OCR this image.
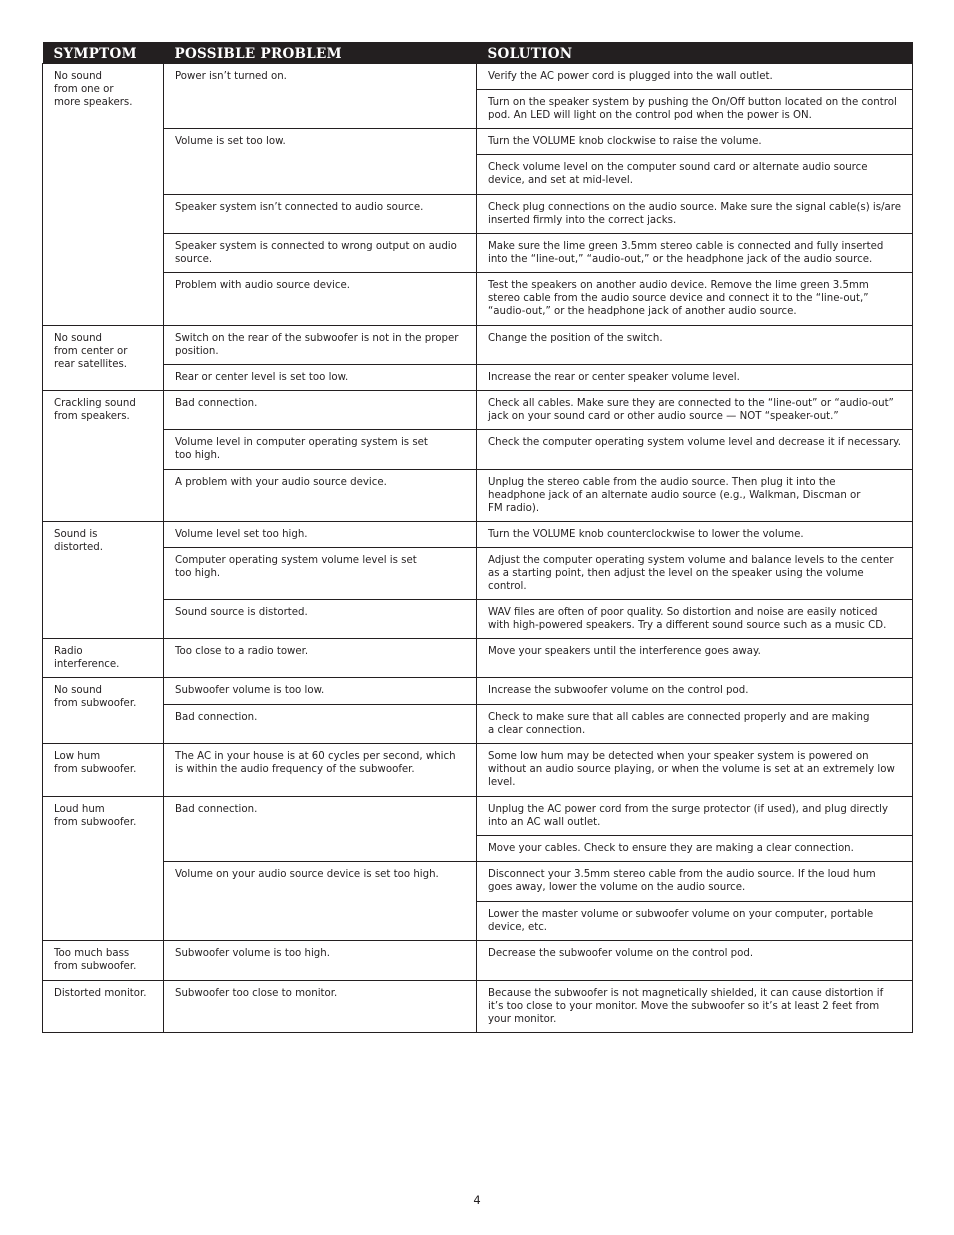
SYMPTOM	POSSIBLE PROBLEM	SOLUTION
No sound
from one or
more speakers.	Power isn’t turned on.	Verify the AC power cord is plugged into the wall outlet.
		Turn on the speaker system by pushing the On/Off button located on the control pod. An LED will light on the control pod when the power is ON.
	Volume is set too low.	Turn the VOLUME knob clockwise to raise the volume.
		Check volume level on the computer sound card or alternate audio source device, and set at mid-level.
	Speaker system isn’t connected to audio source.	Check plug connections on the audio source. Make sure the signal cable(s) is/are inserted firmly into the correct jacks.
	Speaker system is connected to wrong output on audio source.	Make sure the lime green 3.5mm stereo cable is connected and fully inserted into the “line-out,” “audio-out,” or the headphone jack of the audio source.
	Problem with audio source device.	Test the speakers on another audio device. Remove the lime green 3.5mm stereo cable from the audio source device and connect it to the “line-out,” “audio-out,” or the headphone jack of another audio source.
No sound
from center or
rear satellites.	Switch on the rear of the subwoofer is not in the proper position.	Change the position of the switch.
	Rear or center level is set too low.	Increase the rear or center speaker volume level.
Crackling sound
from speakers.	Bad connection.	Check all cables. Make sure they are connected to the “line-out” or “audio-out” jack on your sound card or other audio source — NOT “speaker-out.”
	Volume level in computer operating system is set
too high.	Check the computer operating system volume level and decrease it if necessary.
	A problem with your audio source device.	Unplug the stereo cable from the audio source. Then plug it into the
headphone jack of an alternate audio source (e.g., Walkman, Discman or
FM radio).
Sound is
distorted.	Volume level set too high.	Turn the VOLUME knob counterclockwise to lower the volume.
	Computer operating system volume level is set
too high.	Adjust the computer operating system volume and balance levels to the center as a starting point, then adjust the level on the speaker using the volume control.
	Sound source is distorted.	WAV files are often of poor quality. So distortion and noise are easily noticed with high-powered speakers. Try a different sound source such as a music CD.
Radio
interference.	Too close to a radio tower.	Move your speakers until the interference goes away.
No sound
from subwoofer.	Subwoofer volume is too low.	Increase the subwoofer volume on the control pod.
	Bad connection.	Check to make sure that all cables are connected properly and are making
a clear connection.
Low hum
from subwoofer.	The AC in your house is at 60 cycles per second, which is within the audio frequency of the subwoofer.	Some low hum may be detected when your speaker system is powered on without an audio source playing, or when the volume is set at an extremely low level.
Loud hum
from subwoofer.	Bad connection.	Unplug the AC power cord from the surge protector (if used), and plug directly into an AC wall outlet.
		Move your cables. Check to ensure they are making a clear connection.
	Volume on your audio source device is set too high.	Disconnect your 3.5mm stereo cable from the audio source. If the loud hum goes away, lower the volume on the audio source.
		Lower the master volume or subwoofer volume on your computer, portable device, etc.
Too much bass
from subwoofer.	Subwoofer volume is too high.	Decrease the subwoofer volume on the control pod.
Distorted monitor.	Subwoofer too close to monitor.	Because the subwoofer is not magnetically shielded, it can cause distortion if it’s too close to your monitor. Move the subwoofer so it’s at least 2 feet from your monitor.
4
